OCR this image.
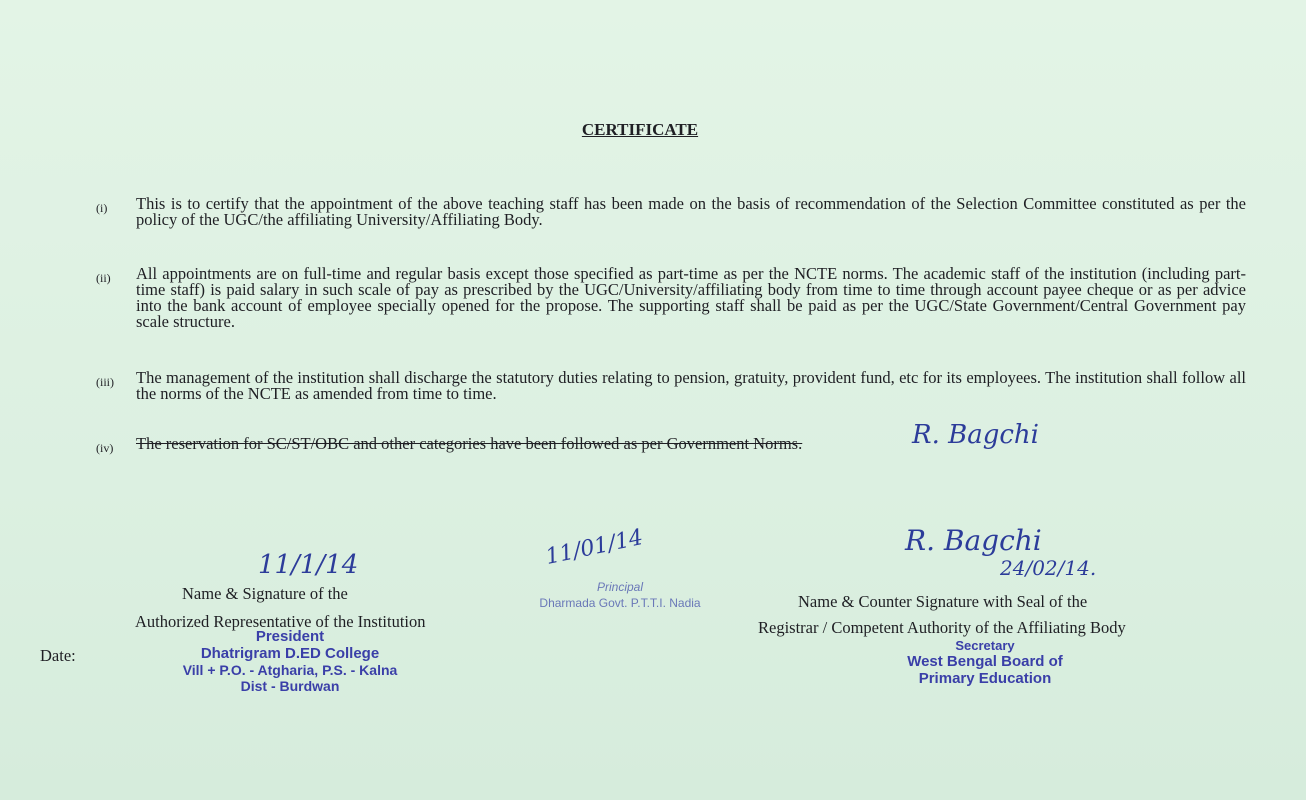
CERTIFICATE
(i) This is to certify that the appointment of the above teaching staff has been made on the basis of recommendation of the Selection Committee constituted as per the policy of the UGC/the affiliating University/Affiliating Body.
(ii) All appointments are on full-time and regular basis except those specified as part-time as per the NCTE norms. The academic staff of the institution (including part-time staff) is paid salary in such scale of pay as prescribed by the UGC/University/affiliating body from time to time through account payee cheque or as per advice into the bank account of employee specially opened for the propose. The supporting staff shall be paid as per the UGC/State Government/Central Government pay scale structure.
(iii) The management of the institution shall discharge the statutory duties relating to pension, gratuity, provident fund, etc for its employees. The institution shall follow all the norms of the NCTE as amended from time to time.
(iv) The reservation for SC/ST/OBC and other categories have been followed as per Government Norms.	R. Bagchi
Date:
11/1/14
Name & Signature of the
Authorized Representative of the Institution
President
Dhatrigram D.ED College
Vill + P.O. - Atgharia, P.S. - Kalna
Dist - Burdwan
11/01/14
Principal
Dharmada Govt. P.T.T.I. Nadia
R. Bagchi
24/02/14.
Name & Counter Signature with Seal of the
Registrar / Competent Authority of the Affiliating Body
Secretary
West Bengal Board of
Primary Education
